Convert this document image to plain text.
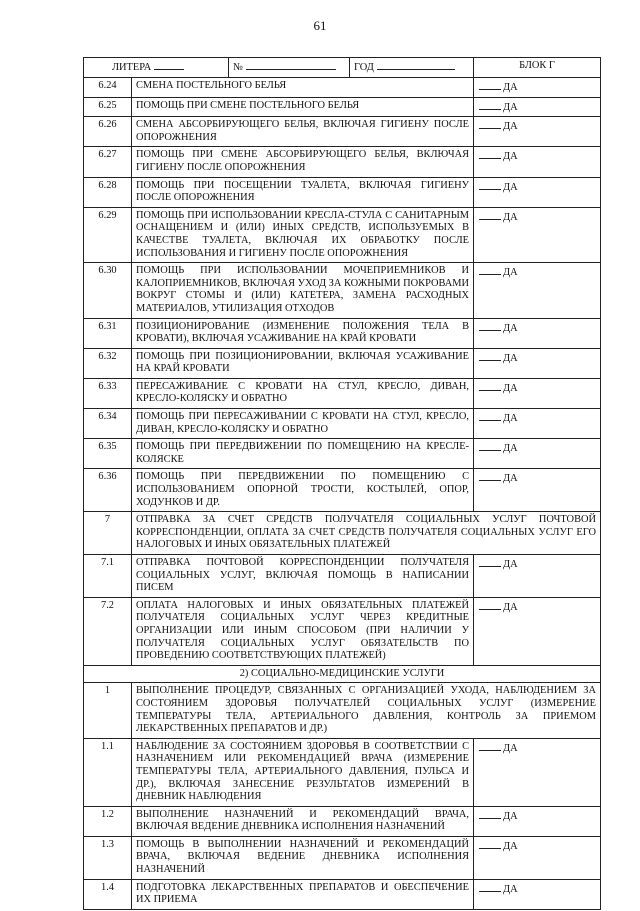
61
ЛИТЕРА		№	ГОД	БЛОК Г
6.24	СМЕНА ПОСТЕЛЬНОГО БЕЛЬЯ			ДА
6.25	ПОМОЩЬ ПРИ СМЕНЕ ПОСТЕЛЬНОГО БЕЛЬЯ			ДА
6.26	СМЕНА АБСОРБИРУЮЩЕГО БЕЛЬЯ, ВКЛЮЧАЯ ГИГИЕНУ ПОСЛЕ ОПОРОЖНЕНИЯ			ДА
6.27	ПОМОЩЬ ПРИ СМЕНЕ АБСОРБИРУЮЩЕГО БЕЛЬЯ, ВКЛЮЧАЯ ГИГИЕНУ ПОСЛЕ ОПОРОЖНЕНИЯ			ДА
6.28	ПОМОЩЬ ПРИ ПОСЕЩЕНИИ ТУАЛЕТА, ВКЛЮЧАЯ ГИГИЕНУ ПОСЛЕ ОПОРОЖНЕНИЯ			ДА
6.29	ПОМОЩЬ ПРИ ИСПОЛЬЗОВАНИИ КРЕСЛА-СТУЛА С САНИТАРНЫМ ОСНАЩЕНИЕМ И (ИЛИ) ИНЫХ СРЕДСТВ, ИСПОЛЬЗУЕМЫХ В КАЧЕСТВЕ ТУАЛЕТА, ВКЛЮЧАЯ ИХ ОБРАБОТКУ ПОСЛЕ ИСПОЛЬЗОВАНИЯ И ГИГИЕНУ ПОСЛЕ ОПОРОЖНЕНИЯ			ДА
6.30	ПОМОЩЬ ПРИ ИСПОЛЬЗОВАНИИ МОЧЕПРИЕМНИКОВ И КАЛОПРИЕМНИКОВ, ВКЛЮЧАЯ УХОД ЗА КОЖНЫМИ ПОКРОВАМИ ВОКРУГ СТОМЫ И (ИЛИ) КАТЕТЕРА, ЗАМЕНА РАСХОДНЫХ МАТЕРИАЛОВ, УТИЛИЗАЦИЯ ОТХОДОВ			ДА
6.31	ПОЗИЦИОНИРОВАНИЕ (ИЗМЕНЕНИЕ ПОЛОЖЕНИЯ ТЕЛА В КРОВАТИ), ВКЛЮЧАЯ УСАЖИВАНИЕ НА КРАЙ КРОВАТИ			ДА
6.32	ПОМОЩЬ ПРИ ПОЗИЦИОНИРОВАНИИ, ВКЛЮЧАЯ УСАЖИВАНИЕ НА КРАЙ КРОВАТИ			ДА
6.33	ПЕРЕСАЖИВАНИЕ С КРОВАТИ НА СТУЛ, КРЕСЛО, ДИВАН, КРЕСЛО-КОЛЯСКУ И ОБРАТНО			ДА
6.34	ПОМОЩЬ ПРИ ПЕРЕСАЖИВАНИИ С КРОВАТИ НА СТУЛ, КРЕСЛО, ДИВАН, КРЕСЛО-КОЛЯСКУ И ОБРАТНО			ДА
6.35	ПОМОЩЬ ПРИ ПЕРЕДВИЖЕНИИ ПО ПОМЕЩЕНИЮ НА КРЕСЛЕ-КОЛЯСКЕ			ДА
6.36	ПОМОЩЬ ПРИ ПЕРЕДВИЖЕНИИ ПО ПОМЕЩЕНИЮ С ИСПОЛЬЗОВАНИЕМ ОПОРНОЙ ТРОСТИ, КОСТЫЛЕЙ, ОПОР, ХОДУНКОВ И ДР.			ДА
7	ОТПРАВКА ЗА СЧЕТ СРЕДСТВ ПОЛУЧАТЕЛЯ СОЦИАЛЬНЫХ УСЛУГ ПОЧТОВОЙ КОРРЕСПОНДЕНЦИИ, ОПЛАТА ЗА СЧЕТ СРЕДСТВ ПОЛУЧАТЕЛЯ СОЦИАЛЬНЫХ УСЛУГ ЕГО НАЛОГОВЫХ И ИНЫХ ОБЯЗАТЕЛЬНЫХ ПЛАТЕЖЕЙ			
7.1	ОТПРАВКА ПОЧТОВОЙ КОРРЕСПОНДЕНЦИИ ПОЛУЧАТЕЛЯ СОЦИАЛЬНЫХ УСЛУГ, ВКЛЮЧАЯ ПОМОЩЬ В НАПИСАНИИ ПИСЕМ			ДА
7.2	ОПЛАТА НАЛОГОВЫХ И ИНЫХ ОБЯЗАТЕЛЬНЫХ ПЛАТЕЖЕЙ ПОЛУЧАТЕЛЯ СОЦИАЛЬНЫХ УСЛУГ ЧЕРЕЗ КРЕДИТНЫЕ ОРГАНИЗАЦИИ ИЛИ ИНЫМ СПОСОБОМ (ПРИ НАЛИЧИИ У ПОЛУЧАТЕЛЯ СОЦИАЛЬНЫХ УСЛУГ ОБЯЗАТЕЛЬСТВ ПО ПРОВЕДЕНИЮ СООТВЕТСТВУЮЩИХ ПЛАТЕЖЕЙ)			ДА
2) СОЦИАЛЬНО-МЕДИЦИНСКИЕ УСЛУГИ				
1	ВЫПОЛНЕНИЕ ПРОЦЕДУР, СВЯЗАННЫХ С ОРГАНИЗАЦИЕЙ УХОДА, НАБЛЮДЕНИЕМ ЗА СОСТОЯНИЕМ ЗДОРОВЬЯ ПОЛУЧАТЕЛЕЙ СОЦИАЛЬНЫХ УСЛУГ (ИЗМЕРЕНИЕ ТЕМПЕРАТУРЫ ТЕЛА, АРТЕРИАЛЬНОГО ДАВЛЕНИЯ, КОНТРОЛЬ ЗА ПРИЕМОМ ЛЕКАРСТВЕННЫХ ПРЕПАРАТОВ И ДР.)			
1.1	НАБЛЮДЕНИЕ ЗА СОСТОЯНИЕМ ЗДОРОВЬЯ В СООТВЕТСТВИИ С НАЗНАЧЕНИЕМ ИЛИ РЕКОМЕНДАЦИЕЙ ВРАЧА (ИЗМЕРЕНИЕ ТЕМПЕРАТУРЫ ТЕЛА, АРТЕРИАЛЬНОГО ДАВЛЕНИЯ, ПУЛЬСА И ДР.), ВКЛЮЧАЯ ЗАНЕСЕНИЕ РЕЗУЛЬТАТОВ ИЗМЕРЕНИЙ В ДНЕВНИК НАБЛЮДЕНИЯ			ДА
1.2	ВЫПОЛНЕНИЕ НАЗНАЧЕНИЙ И РЕКОМЕНДАЦИЙ ВРАЧА, ВКЛЮЧАЯ ВЕДЕНИЕ ДНЕВНИКА ИСПОЛНЕНИЯ НАЗНАЧЕНИЙ			ДА
1.3	ПОМОЩЬ В ВЫПОЛНЕНИИ НАЗНАЧЕНИЙ И РЕКОМЕНДАЦИЙ ВРАЧА, ВКЛЮЧАЯ ВЕДЕНИЕ ДНЕВНИКА ИСПОЛНЕНИЯ НАЗНАЧЕНИЙ			ДА
1.4	ПОДГОТОВКА ЛЕКАРСТВЕННЫХ ПРЕПАРАТОВ И ОБЕСПЕЧЕНИЕ ИХ ПРИЕМА			ДА
